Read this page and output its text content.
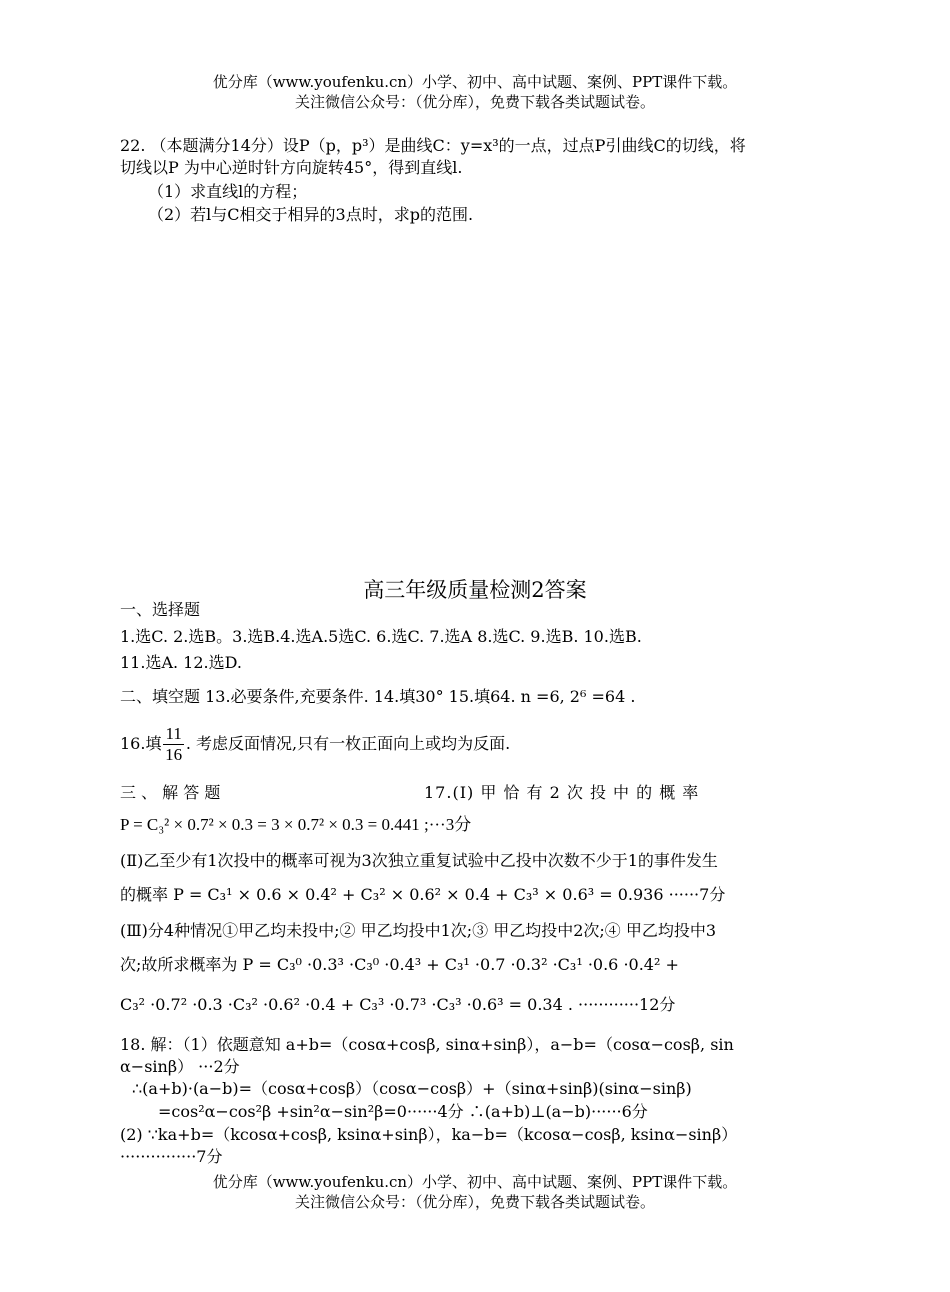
优分库（www.youfenku.cn）小学、初中、高中试题、案例、PPT课件下载。
关注微信公众号：（优分库），免费下载各类试题试卷。
22. （本题满分14分）设P（p，p³）是曲线C：y=x³的一点，过点P引曲线C的切线，将
切线以P 为中心逆时针方向旋转45°，得到直线l.
（1）求直线l的方程；
（2）若l与C相交于相异的3点时，求p的范围.
高三年级质量检测2答案
一、选择题
1.选C. 2.选B。3.选B.4.选A.5选C. 6.选C. 7.选A 8.选C. 9.选B. 10.选B.
11.选A. 12.选D.
二、填空题 13.必要条件,充要条件. 14.填30° 15.填64. n =6, 2⁶ =64 .
16.填 $\frac{11}{16}$ . 考虑反面情况,只有一枚正面向上或均为反面.
三 、 解 答 题	17.(Ⅰ) 甲 恰 有 2 次 投 中 的 概 率
P = C₃² × 0.7² × 0.3 = 3 × 0.7² × 0.3 = 0.441 ;···3分
(Ⅱ)乙至少有1次投中的概率可视为3次独立重复试验中乙投中次数不少于1的事件发生
的概率 P = C₃¹ × 0.6 × 0.4² + C₃² × 0.6² × 0.4 + C₃³ × 0.6³ = 0.936 ······7分
(Ⅲ)分4种情况①甲乙均未投中;② 甲乙均投中1次;③ 甲乙均投中2次;④ 甲乙均投中3
次;故所求概率为 P = C₃⁰ ·0.3³ ·C₃⁰ ·0.4³ + C₃¹ ·0.7 ·0.3² ·C₃¹ ·0.6 ·0.4² +
C₃² ·0.7² ·0.3 ·C₃² ·0.6² ·0.4 + C₃³ ·0.7³ ·C₃³ ·0.6³ = 0.34 . ············12分
18. 解：（1）依题意知 a+b=（cosα+cosβ, sinα+sinβ），a−b=（cosα−cosβ, sin
α−sinβ） ···2分
∴(a+b)·(a−b)=（cosα+cosβ）（cosα−cosβ）+（sinα+sinβ)(sinα−sinβ)
=cos²α−cos²β +sin²α−sin²β=0······4分 ∴(a+b)⊥(a−b)······6分
(2) ∵ka+b=（kcosα+cosβ, ksinα+sinβ），ka−b=（kcosα−cosβ, ksinα−sinβ）
···············7分
优分库（www.youfenku.cn）小学、初中、高中试题、案例、PPT课件下载。
关注微信公众号：（优分库），免费下载各类试题试卷。
